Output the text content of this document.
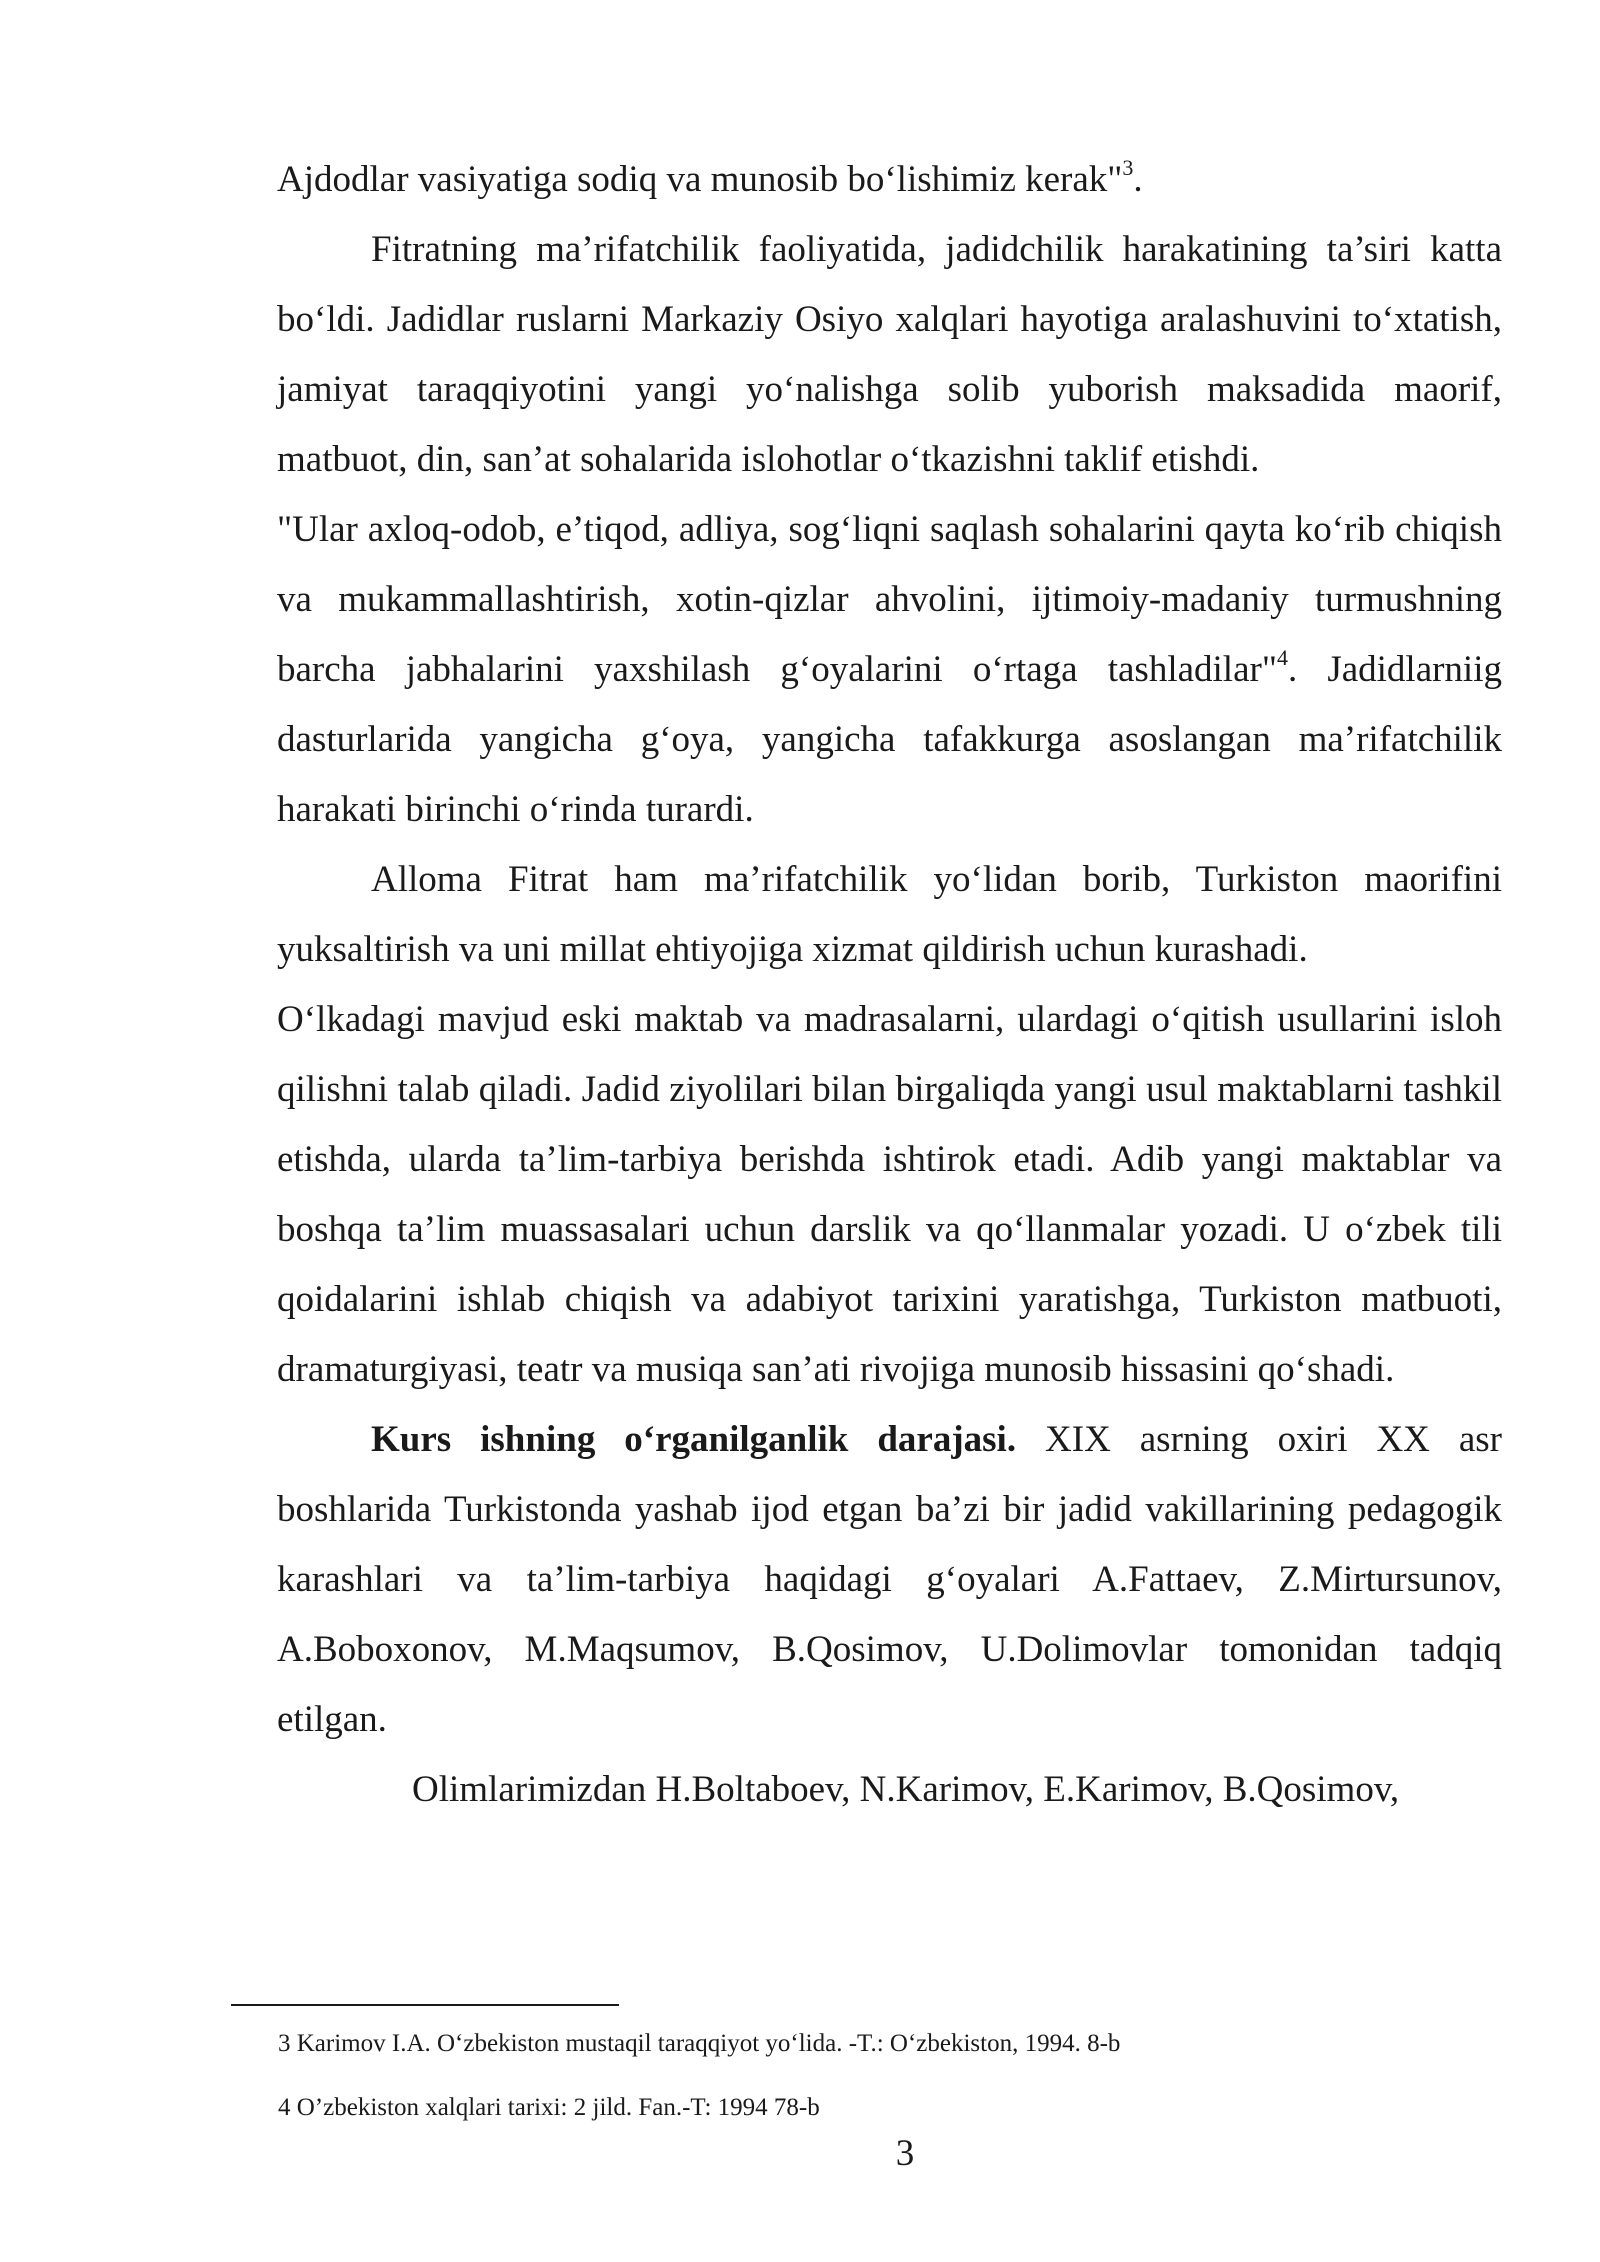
Ajdodlar vasiyatiga sodiq va munosib bo‘lishimiz kerak"$^3$.

Fitratning ma’rifatchilik faoliyatida, jadidchilik harakatining ta’siri katta bo‘ldi. Jadidlar ruslarni Markaziy Osiyo xalqlari hayotiga aralashuvini to‘xtatish, jamiyat taraqqiyotini yangi yo‘nalishga solib yuborish maksadida maorif, matbuot, din, san’at sohalarida islohotlar o‘tkazishni taklif etishdi.

"Ular axloq-odob, e’tiqod, adliya, sog‘liqni saqlash sohalarini qayta ko‘rib chiqish va mukammallashtirish, xotin-qizlar ahvolini, ijtimoiy-madaniy turmushning barcha jabhalarini yaxshilash g‘oyalarini o‘rtaga tashladilar"$^4$. Jadidlarniig dasturlarida yangicha g‘oya, yangicha tafakkurga asoslangan ma’rifatchilik harakati birinchi o‘rinda turardi.

Alloma Fitrat ham ma’rifatchilik yo‘lidan borib, Turkiston maorifini yuksaltirish va uni millat ehtiyojiga xizmat qildirish uchun kurashadi.

O‘lkadagi mavjud eski maktab va madrasalarni, ulardagi o‘qitish usullarini isloh qilishni talab qiladi. Jadid ziyolilari bilan birgaliqda yangi usul maktablarni tashkil etishda, ularda ta’lim-tarbiya berishda ishtirok etadi. Adib yangi maktablar va boshqa ta’lim muassasalari uchun darslik va qo‘llanmalar yozadi. U o‘zbek tili qoidalarini ishlab chiqish va adabiyot tarixini yaratishga, Turkiston matbuoti, dramaturgiyasi, teatr va musiqa san’ati rivojiga munosib hissasini qo‘shadi.

Kurs ishning o‘rganilganlik darajasi. XIX asrning oxiri XX asr boshlarida Turkistonda yashab ijod etgan ba’zi bir jadid vakillarining pedagogik karashlari va ta’lim-tarbiya haqidagi g‘oyalari A.Fattaev, Z.Mirtursunov, A.Boboxonov, M.Maqsumov, B.Qosimov, U.Dolimovlar tomonidan tadqiq etilgan.

Olimlarimizdan H.Boltaboev, N.Karimov, E.Karimov, B.Qosimov,

3 Karimov I.A. O‘zbekiston mustaqil taraqqiyot yo‘lida. -T.: O‘zbekiston, 1994. 8-b
4 O’zbekiston xalqlari tarixi: 2 jild. Fan.-T: 1994 78-b
3
